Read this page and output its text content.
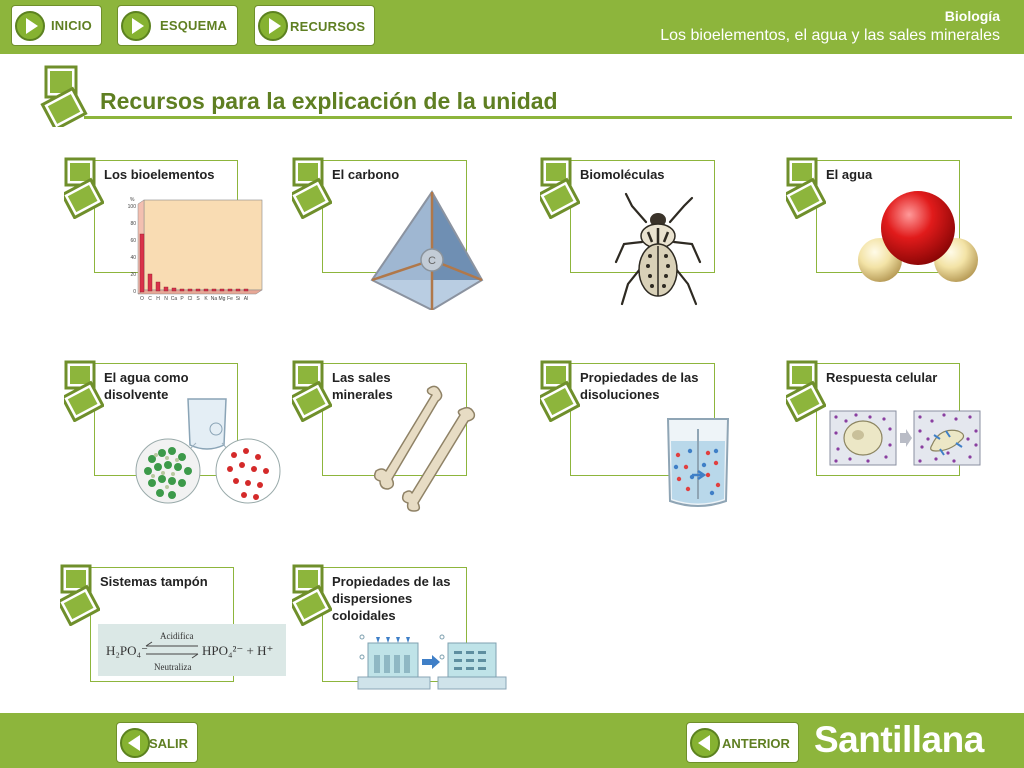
INICIO	ESQUEMA	RECURSOS
Biología
Los bioelementos, el agua y las sales minerales
Recursos para la explicación de la unidad
Los bioelementos
%
100
80
60
40
20
0
O C H N Ca P Cl S K Na Mg Fe Si Al
El carbono
C
Biomoléculas	El agua
El agua como disolvente
Las sales minerales
Propiedades de las disoluciones
Respuesta celular
Sistemas tampón
H₂PO₄⁻
Acidifica
Neutraliza
HPO₄²⁻ + H⁺
Propiedades de las dispersiones coloidales
SALIR	ANTERIOR Santillana
